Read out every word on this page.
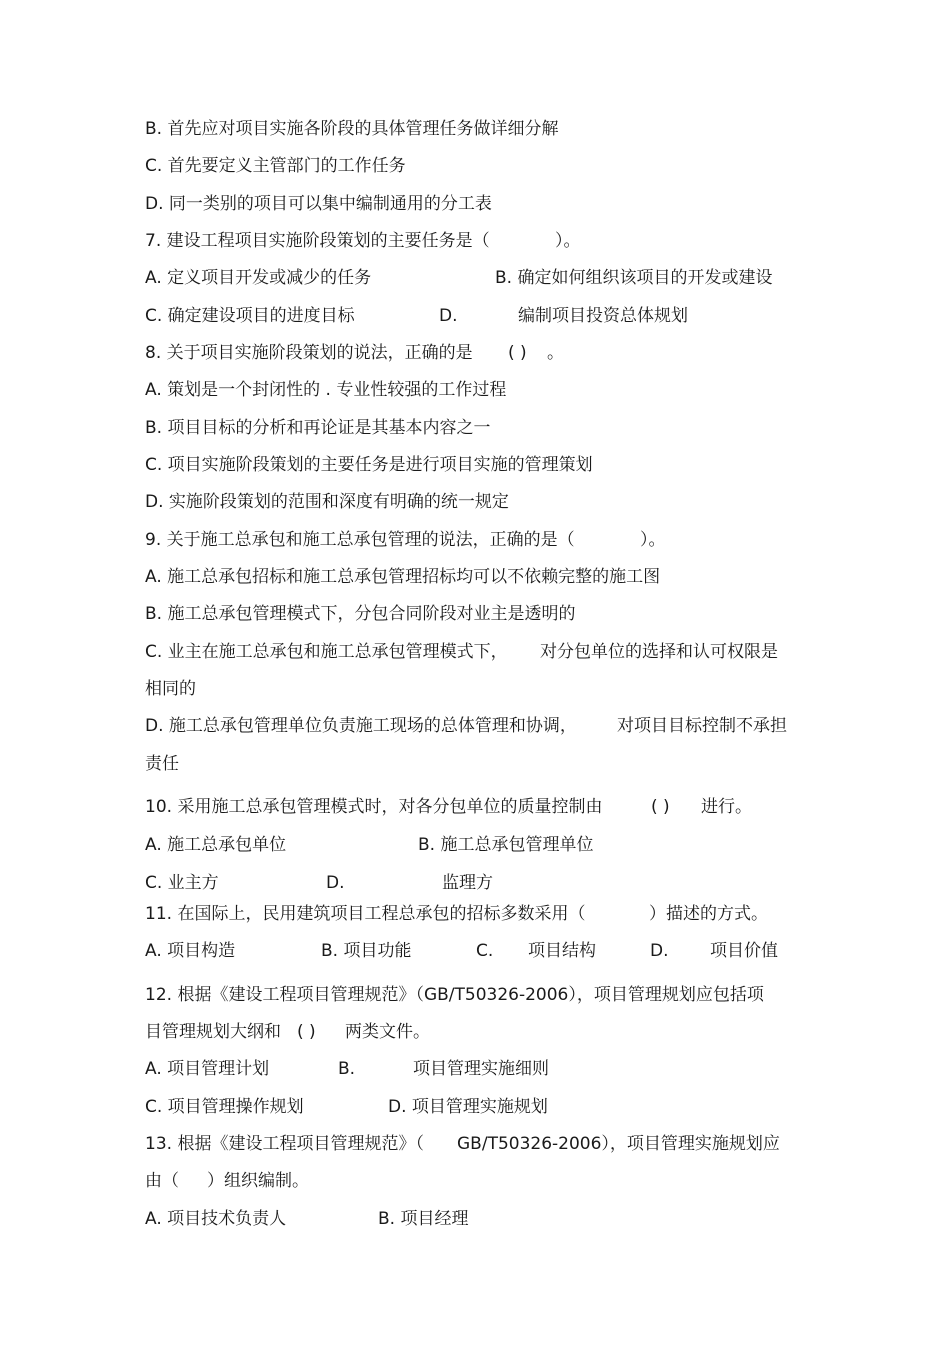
B. 首先应对项目实施各阶段的具体管理任务做详细分解
C. 首先要定义主管部门的工作任务
D. 同一类别的项目可以集中编制通用的分工表
7. 建设工程项目实施阶段策划的主要任务是（	）。
A. 定义项目开发或减少的任务	B. 确定如何组织该项目的开发或建设
C. 确定建设项目的进度目标	D.	编制项目投资总体规划
8. 关于项目实施阶段策划的说法，正确的是 ( ) 。
A. 策划是一个封闭性的 . 专业性较强的工作过程
B. 项目目标的分析和再论证是其基本内容之一
C. 项目实施阶段策划的主要任务是进行项目实施的管理策划
D. 实施阶段策划的范围和深度有明确的统一规定
9. 关于施工总承包和施工总承包管理的说法，正确的是（	）。
A. 施工总承包招标和施工总承包管理招标均可以不依赖完整的施工图
B. 施工总承包管理模式下，分包合同阶段对业主是透明的
C. 业主在施工总承包和施工总承包管理模式下， 对分包单位的选择和认可权限是
相同的
D. 施工总承包管理单位负责施工现场的总体管理和协调， 对项目目标控制不承担
责任
10. 采用施工总承包管理模式时，对各分包单位的质量控制由	( ) 进行。
A. 施工总承包单位	B. 施工总承包管理单位
C. 业主方	D.	监理方
11. 在国际上，民用建筑项目工程总承包的招标多数采用（	）描述的方式。
A. 项目构造	B. 项目功能	C. 项目结构	D. 项目价值
12. 根据《建设工程项目管理规范》（GB∕T50326-2006），项目管理规划应包括项
目管理规划大纲和 ( ) 两类文件。
A. 项目管理计划	B.	项目管理实施细则
C. 项目管理操作规划	D. 项目管理实施规划
13. 根据《建设工程项目管理规范》（ GB/T50326-2006），项目管理实施规划应
由（ ）组织编制。
A. 项目技术负责人	B. 项目经理
